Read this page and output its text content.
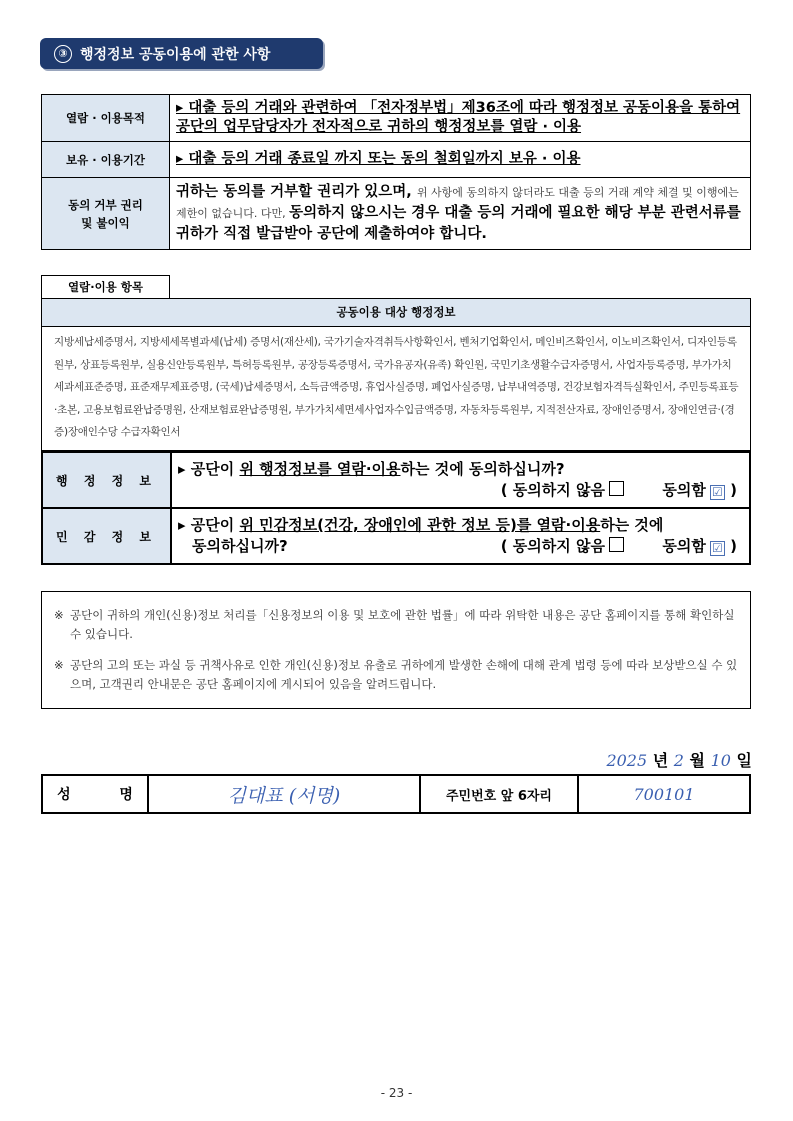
③ 행정정보 공동이용에 관한 사항
열람 · 이용목적	▸ 대출 등의 거래와 관련하여 「전자정부법」제36조에 따라 행정정보 공동이용을 통하여 공단의 업무담당자가 전자적으로 귀하의 행정정보를 열람 · 이용
보유 · 이용기간	▸ 대출 등의 거래 종료일 까지 또는 동의 철회일까지 보유 · 이용

동의 거부 권리
및 불이익	귀하는 동의를 거부할 권리가 있으며, 위 사항에 동의하지 않더라도 대출 등의 거래 계약 체결 및 이행에는 제한이 없습니다. 다만, 동의하지 않으시는 경우 대출 등의 거래에 필요한 해당 부분 관련서류를 귀하가 직접 발급받아 공단에 제출하여야 합니다.
열람·이용 항목
공동이용 대상 행정정보
지방세납세증명서, 지방세세목별과세(납세) 증명서(재산세), 국가기술자격취득사항확인서, 벤처기업확인서, 메인비즈확인서, 이노비즈확인서, 디자인등록원부, 상표등록원부, 실용신안등록원부, 특허등록원부, 공장등록증명서, 국가유공자(유족) 확인원, 국민기초생활수급자증명서, 사업자등록증명, 부가가치세과세표준증명, 표준재무제표증명, (국세)납세증명서, 소득금액증명, 휴업사실증명, 폐업사실증명, 납부내역증명, 건강보험자격득실확인서, 주민등록표등·초본, 고용보험료완납증명원, 산재보험료완납증명원, 부가가치세면세사업자수입금액증명, 자동차등록원부, 지적전산자료, 장애인증명서, 장애인연금·(경증)장애인수당 수급자확인서
행 정 정 보	▸ 공단이 위 행정정보를 열람·이용하는 것에 동의하십니까?
( 동의하지 않음 동의함 ☑ )

민 감 정 보	▸ 공단이 위 민감정보(건강, 장애인에 관한 정보 등)를 열람·이용하는 것에
동의하십니까? ( 동의하지 않음 동의함 ☑ )
※ 공단이 귀하의 개인(신용)정보 처리를「신용정보의 이용 및 보호에 관한 법률」에 따라 위탁한 내용은 공단 홈페이지를 통해 확인하실 수 있습니다.
※ 공단의 고의 또는 과실 등 귀책사유로 인한 개인(신용)정보 유출로 귀하에게 발생한 손해에 대해 관계 법령 등에 따라 보상받으실 수 있으며, 고객권리 안내문은 공단 홈페이지에 게시되어 있음을 알려드립니다.
2025 년 2 월 10 일
성          명	김대표 (서명)	주민번호 앞 6자리	700101
- 23 -
